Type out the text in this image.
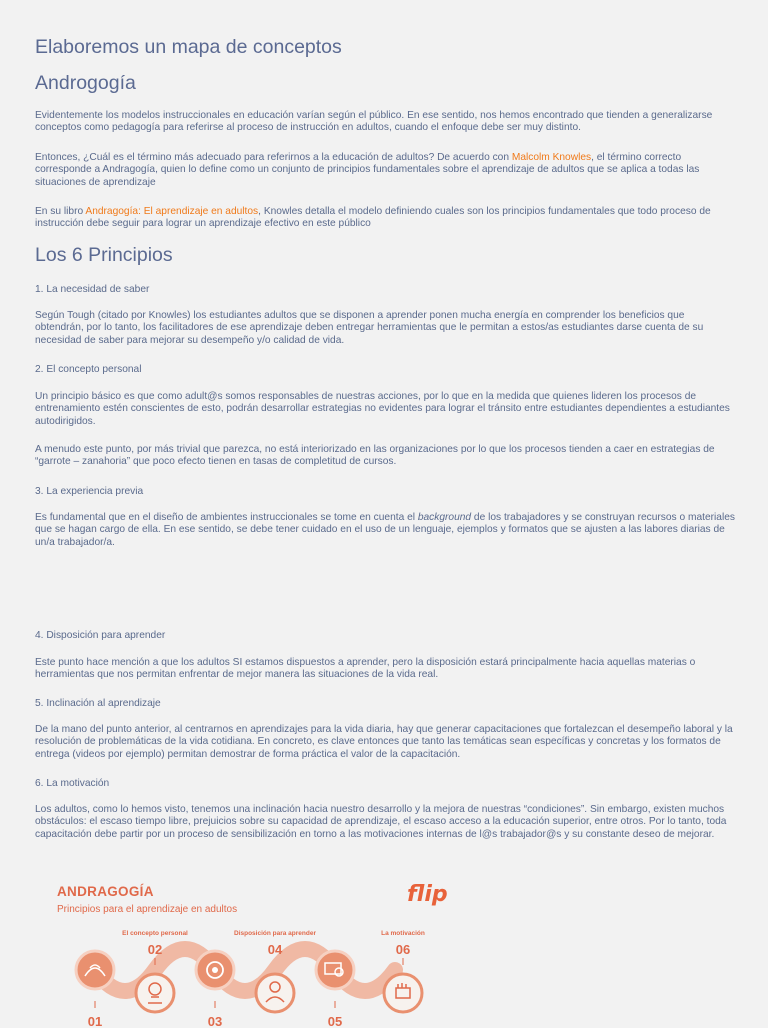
Elaboremos un mapa de conceptos
Androgogía

Evidentemente los modelos instruccionales en educación varían según el público. En ese sentido, nos hemos encontrado que tienden a generalizarse conceptos como pedagogía para referirse al proceso de instrucción en adultos, cuando el enfoque debe ser muy distinto.

Entonces, ¿Cuál es el término más adecuado para referirnos a la educación de adultos? De acuerdo con Malcolm Knowles, el término correcto corresponde a Andragogía, quien lo define como un conjunto de principios fundamentales sobre el aprendizaje de adultos que se aplica a todas las situaciones de aprendizaje

En su libro Andragogía: El aprendizaje en adultos, Knowles detalla el modelo definiendo cuales son los principios fundamentales que todo proceso de instrucción debe seguir para lograr un aprendizaje efectivo en este público

Los 6 Principios

1. La necesidad de saber

Según Tough (citado por Knowles) los estudiantes adultos que se disponen a aprender ponen mucha energía en comprender los beneficios que obtendrán, por lo tanto, los facilitadores de ese aprendizaje deben entregar herramientas que le permitan a estos/as estudiantes darse cuenta de su necesidad de saber para mejorar su desempeño y/o calidad de vida.

2. El concepto personal

Un principio básico es que como adult@s somos responsables de nuestras acciones, por lo que en la medida que quienes lideren los procesos de entrenamiento estén conscientes de esto, podrán desarrollar estrategias no evidentes para lograr el tránsito entre estudiantes dependientes a estudiantes autodirigidos.

A menudo este punto, por más trivial que parezca, no está interiorizado en las organizaciones por lo que los procesos tienden a caer en estrategias de “garrote – zanahoria” que poco efecto tienen en tasas de completitud de cursos.

3. La experiencia previa

Es fundamental que en el diseño de ambientes instruccionales se tome en cuenta el background de los trabajadores y se construyan recursos o materiales que se hagan cargo de ella. En ese sentido, se debe tener cuidado en el uso de un lenguaje, ejemplos y formatos que se ajusten a las labores diarias de un/a trabajador/a.

4. Disposición para aprender

Este punto hace mención a que los adultos SI estamos dispuestos a aprender, pero la disposición estará principalmente hacia aquellas materias o herramientas que nos permitan enfrentar de mejor manera las situaciones de la vida real.

5. Inclinación al aprendizaje

De la mano del punto anterior, al centrarnos en aprendizajes para la vida diaria, hay que generar capacitaciones que fortalezcan el desempeño laboral y la resolución de problemáticas de la vida cotidiana. En concreto, es clave entonces que tanto las temáticas sean específicas y concretas y los formatos de entrega (videos por ejemplo) permitan demostrar de forma práctica el valor de la capacitación.

6. La motivación

Los adultos, como lo hemos visto, tenemos una inclinación hacia nuestro desarrollo y la mejora de nuestras “condiciones”. Sin embargo, existen muchos obstáculos: el escaso tiempo libre, prejuicios sobre su capacidad de aprendizaje, el escaso acceso a la educación superior, entre otros. Por lo tanto, toda capacitación debe partir por un proceso de sensibilización en torno a las motivaciones internas de l@s trabajador@s y su constante deseo de mejorar.

ANDRAGOGÍA
Principios para el aprendizaje en adultos
flip
El concepto personal
02
Disposición para aprender
04
La motivación
06
01	03	05
